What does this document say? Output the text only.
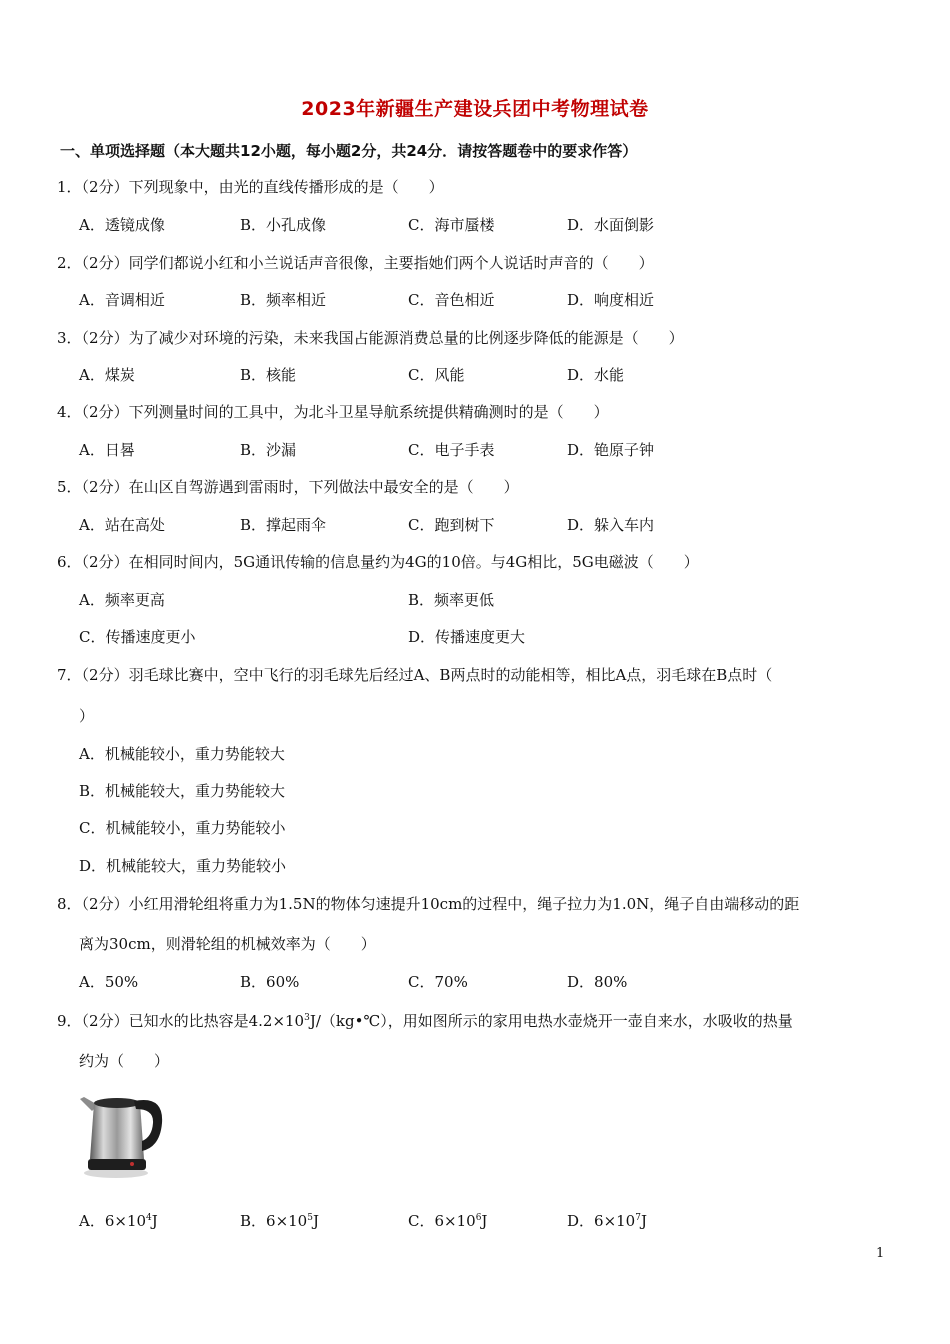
2023年新疆生产建设兵团中考物理试卷
一、单项选择题（本大题共12小题，每小题2分，共24分．请按答题卷中的要求作答）
1．（2分）下列现象中，由光的直线传播形成的是（　　）
A．透镜成像	B．小孔成像	C．海市蜃楼	D．水面倒影
2．（2分）同学们都说小红和小兰说话声音很像，主要指她们两个人说话时声音的（　　）
A．音调相近	B．频率相近	C．音色相近	D．响度相近
3．（2分）为了减少对环境的污染，未来我国占能源消费总量的比例逐步降低的能源是（　　）
A．煤炭	B．核能	C．风能	D．水能
4．（2分）下列测量时间的工具中，为北斗卫星导航系统提供精确测时的是（　　）
A．日晷	B．沙漏	C．电子手表	D．铯原子钟
5．（2分）在山区自驾游遇到雷雨时，下列做法中最安全的是（　　）
A．站在高处	B．撑起雨伞	C．跑到树下	D．躲入车内
6．（2分）在相同时间内，5G通讯传输的信息量约为4G的10倍。与4G相比，5G电磁波（　　）
A．频率更高	B．频率更低
C．传播速度更小	D．传播速度更大
7．（2分）羽毛球比赛中，空中飞行的羽毛球先后经过A、B两点时的动能相等，相比A点，羽毛球在B点时（
）
A．机械能较小，重力势能较大
B．机械能较大，重力势能较大
C．机械能较小，重力势能较小
D．机械能较大，重力势能较小
8．（2分）小红用滑轮组将重力为1.5N的物体匀速提升10cm的过程中，绳子拉力为1.0N，绳子自由端移动的距
离为30cm，则滑轮组的机械效率为（　　）
A．50%	B．60%	C．70%	D．80%
9．（2分）已知水的比热容是$4.2\times 10^3J/(kg•℃)$，用如图所示的家用电热水壶烧开一壶自来水，水吸收的热量
约为（　　）
A．$6\times 10^4J$	B．$6\times 10^5J$	C．$6\times 10^6J$	D．$6\times 10^7J$
1
